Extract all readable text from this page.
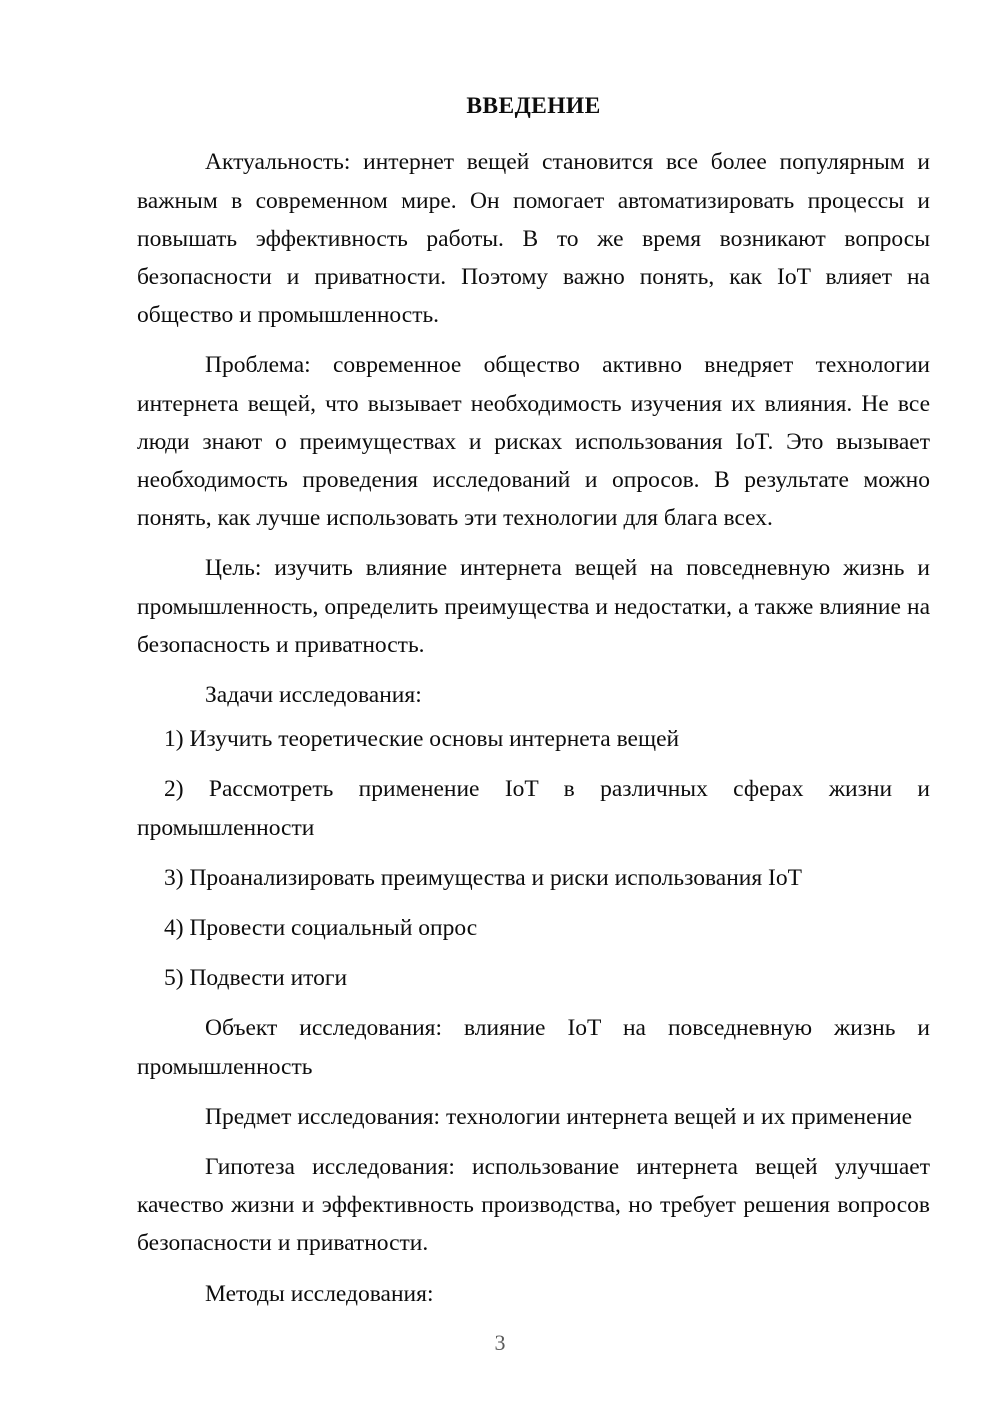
ВВЕДЕНИЕ

Актуальность: интернет вещей становится все более популярным и важным в современном мире. Он помогает автоматизировать процессы и повышать эффективность работы. В то же время возникают вопросы безопасности и приватности. Поэтому важно понять, как IoT влияет на общество и промышленность.

Проблема: современное общество активно внедряет технологии интернета вещей, что вызывает необходимость изучения их влияния. Не все люди знают о преимуществах и рисках использования IoT. Это вызывает необходимость проведения исследований и опросов. В результате можно понять, как лучше использовать эти технологии для блага всех.

Цель: изучить влияние интернета вещей на повседневную жизнь и промышленность, определить преимущества и недостатки, а также влияние на безопасность и приватность.

Задачи исследования:

1) Изучить теоретические основы интернета вещей

2) Рассмотреть применение IoT в различных сферах жизни и промышленности

3) Проанализировать преимущества и риски использования IoT

4) Провести социальный опрос

5) Подвести итоги

Объект исследования: влияние IoT на повседневную жизнь и промышленность

Предмет исследования: технологии интернета вещей и их применение

Гипотеза исследования: использование интернета вещей улучшает качество жизни и эффективность производства, но требует решения вопросов безопасности и приватности.

Методы исследования:

3
